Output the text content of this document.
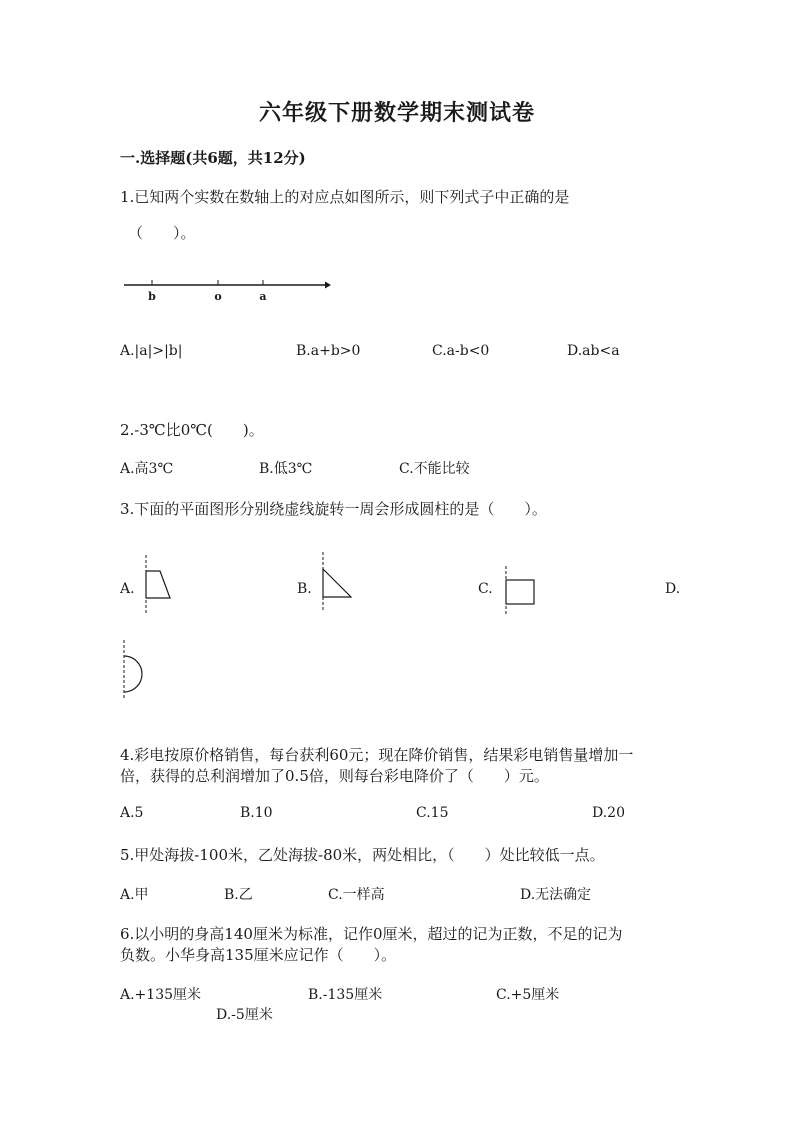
六年级下册数学期末测试卷
一.选择题(共6题，共12分)
1.已知两个实数在数轴上的对应点如图所示，则下列式子中正确的是
（　　）。
b	o	a
A.|a|>|b|	B.a+b>0	C.a-b<0	D.ab<a
2.-3℃比0℃(　　)。
A.高3℃	B.低3℃	C.不能比较
3.下面的平面图形分别绕虚线旋转一周会形成圆柱的是（　　）。
A.	B.	C.	D.
4.彩电按原价格销售，每台获利60元；现在降价销售，结果彩电销售量增加一
倍，获得的总利润增加了0.5倍，则每台彩电降价了（　　）元。
A.5	B.10	C.15	D.20
5.甲处海拔-100米，乙处海拔-80米，两处相比，（　　）处比较低一点。
A.甲	B.乙	C.一样高	D.无法确定
6.以小明的身高140厘米为标准，记作0厘米，超过的记为正数，不足的记为
负数。小华身高135厘米应记作（　　）。
A.+135厘米	B.-135厘米	C.+5厘米
D.-5厘米
